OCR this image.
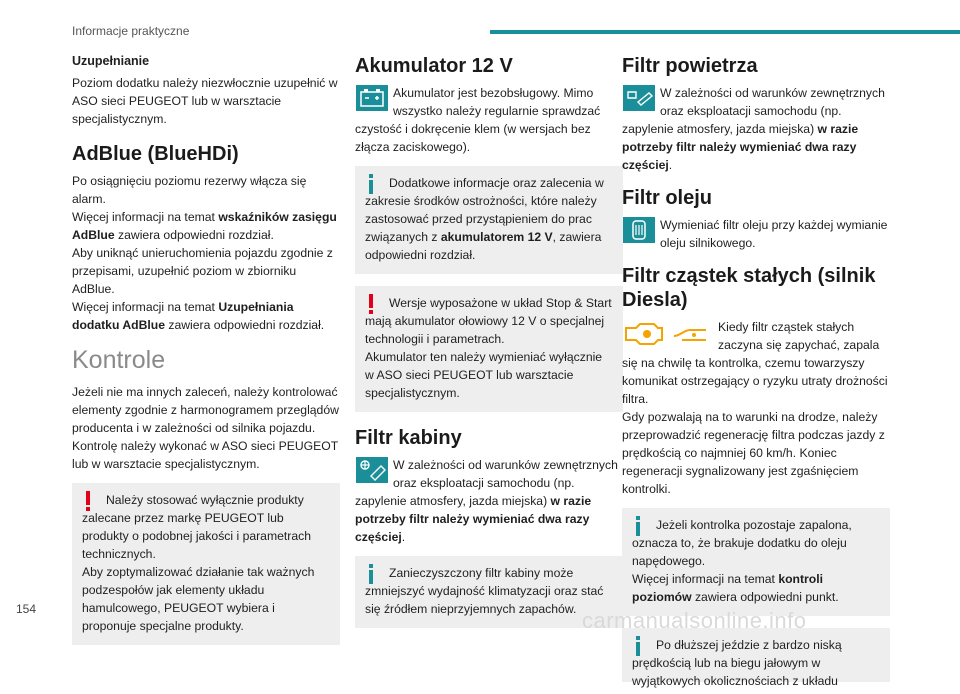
Informacje praktyczne
Uzupełnianie
Poziom dodatku należy niezwłocznie uzupełnić w ASO sieci PEUGEOT lub w warsztacie specjalistycznym.
AdBlue (BlueHDi)
Po osiągnięciu poziomu rezerwy włącza się alarm.
Więcej informacji na temat wskaźników zasięgu AdBlue zawiera odpowiedni rozdział.
Aby uniknąć unieruchomienia pojazdu zgodnie z przepisami, uzupełnić poziom w zbiorniku AdBlue.
Więcej informacji na temat Uzupełniania dodatku AdBlue zawiera odpowiedni rozdział.
Kontrole
Jeżeli nie ma innych zaleceń, należy kontrolować elementy zgodnie z harmonogramem przeglądów producenta i w zależności od silnika pojazdu.
Kontrolę należy wykonać w ASO sieci PEUGEOT lub w warsztacie specjalistycznym.
Należy stosować wyłącznie produkty zalecane przez markę PEUGEOT lub produkty o podobnej jakości i parametrach technicznych.
Aby zoptymalizować działanie tak ważnych podzespołów jak elementy układu hamulcowego, PEUGEOT wybiera i proponuje specjalne produkty.
Akumulator 12 V
Akumulator jest bezobsługowy. Mimo wszystko należy regularnie sprawdzać czystość i dokręcenie klem (w wersjach bez złącza zaciskowego).
Dodatkowe informacje oraz zalecenia w zakresie środków ostrożności, które należy zastosować przed przystąpieniem do prac związanych z akumulatorem 12 V, zawiera odpowiedni rozdział.
Wersje wyposażone w układ Stop & Start mają akumulator ołowiowy 12 V o specjalnej technologii i parametrach.
Akumulator ten należy wymieniać wyłącznie w ASO sieci PEUGEOT lub warsztacie specjalistycznym.
Filtr kabiny
W zależności od warunków zewnętrznych oraz eksploatacji samochodu (np. zapylenie atmosfery, jazda miejska) w razie potrzeby filtr należy wymieniać dwa razy częściej.
Zanieczyszczony filtr kabiny może zmniejszyć wydajność klimatyzacji oraz stać się źródłem nieprzyjemnych zapachów.
Filtr powietrza
W zależności od warunków zewnętrznych oraz eksploatacji samochodu (np. zapylenie atmosfery, jazda miejska) w razie potrzeby filtr należy wymieniać dwa razy częściej.
Filtr oleju
Wymieniać filtr oleju przy każdej wymianie oleju silnikowego.
Filtr cząstek stałych (silnik Diesla)
Kiedy filtr cząstek stałych zaczyna się zapychać, zapala się na chwilę ta kontrolka, czemu towarzyszy komunikat ostrzegający o ryzyku utraty drożności filtra.
Gdy pozwalają na to warunki na drodze, należy przeprowadzić regenerację filtra podczas jazdy z prędkością co najmniej 60 km/h. Koniec regeneracji sygnalizowany jest zgaśnięciem kontrolki.
Jeżeli kontrolka pozostaje zapalona, oznacza to, że brakuje dodatku do oleju napędowego.
Więcej informacji na temat kontroli poziomów zawiera odpowiedni punkt.
Po dłuższej jeździe z bardzo niską prędkością lub na biegu jałowym w wyjątkowych okolicznościach z układu
154	carmanualsonline.info
